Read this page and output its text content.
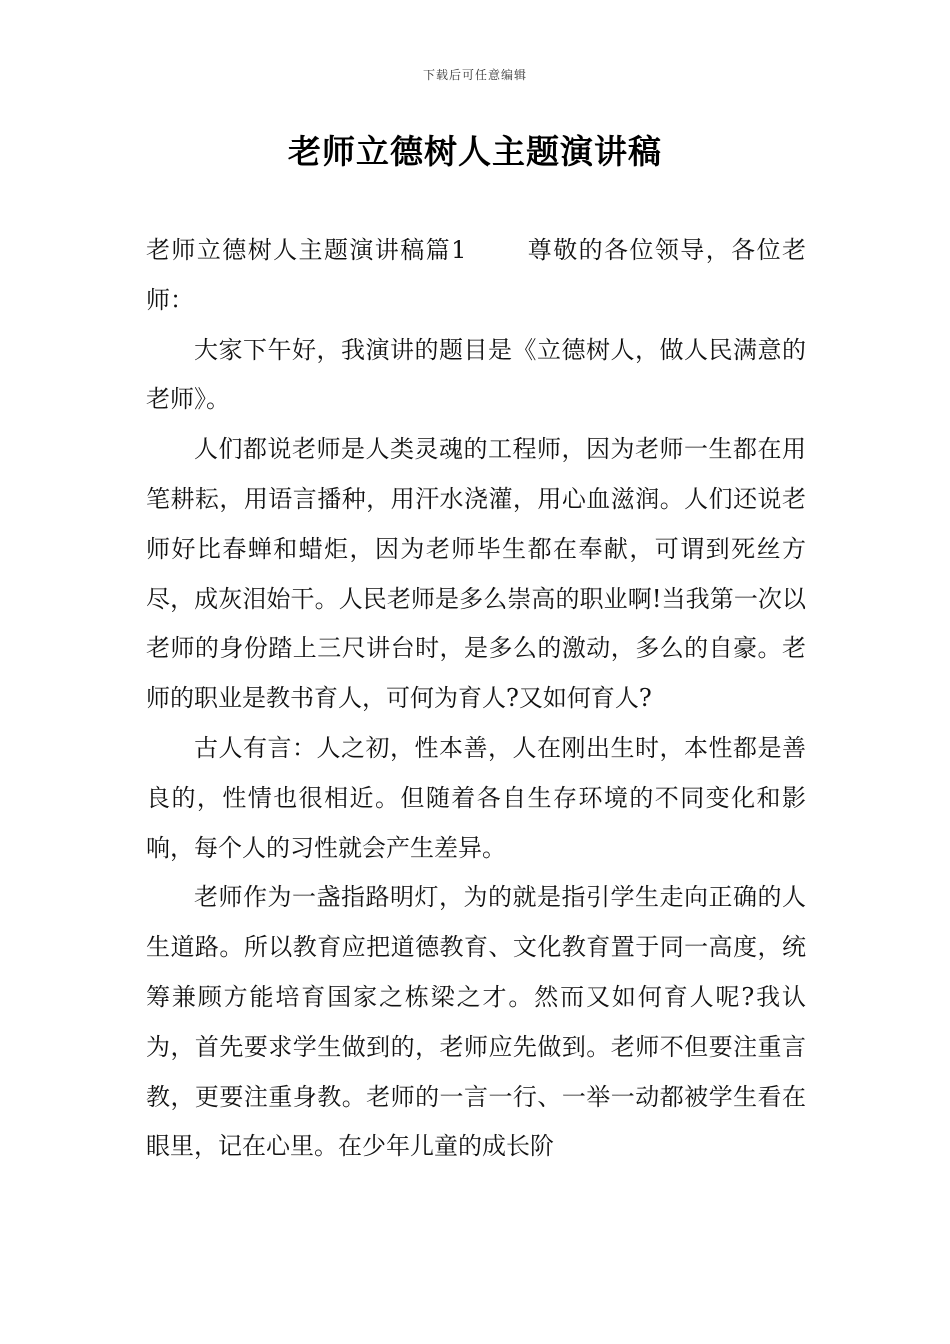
下载后可任意编辑
老师立德树人主题演讲稿

老师立德树人主题演讲稿篇1	尊敬的各位领导，各位老师：

大家下午好，我演讲的题目是《立德树人，做人民满意的老师》。

人们都说老师是人类灵魂的工程师，因为老师一生都在用笔耕耘，用语言播种，用汗水浇灌，用心血滋润。人们还说老师好比春蝉和蜡炬，因为老师毕生都在奉献，可谓到死丝方尽，成灰泪始干。人民老师是多么崇高的职业啊!当我第一次以老师的身份踏上三尺讲台时，是多么的激动，多么的自豪。老师的职业是教书育人，可何为育人?又如何育人?

古人有言：人之初，性本善，人在刚出生时，本性都是善良的，性情也很相近。但随着各自生存环境的不同变化和影响，每个人的习性就会产生差异。

老师作为一盏指路明灯，为的就是指引学生走向正确的人生道路。所以教育应把道德教育、文化教育置于同一高度，统筹兼顾方能培育国家之栋梁之才。然而又如何育人呢?我认为，首先要求学生做到的，老师应先做到。老师不但要注重言教，更要注重身教。老师的一言一行、一举一动都被学生看在眼里，记在心里。在少年儿童的成长阶
